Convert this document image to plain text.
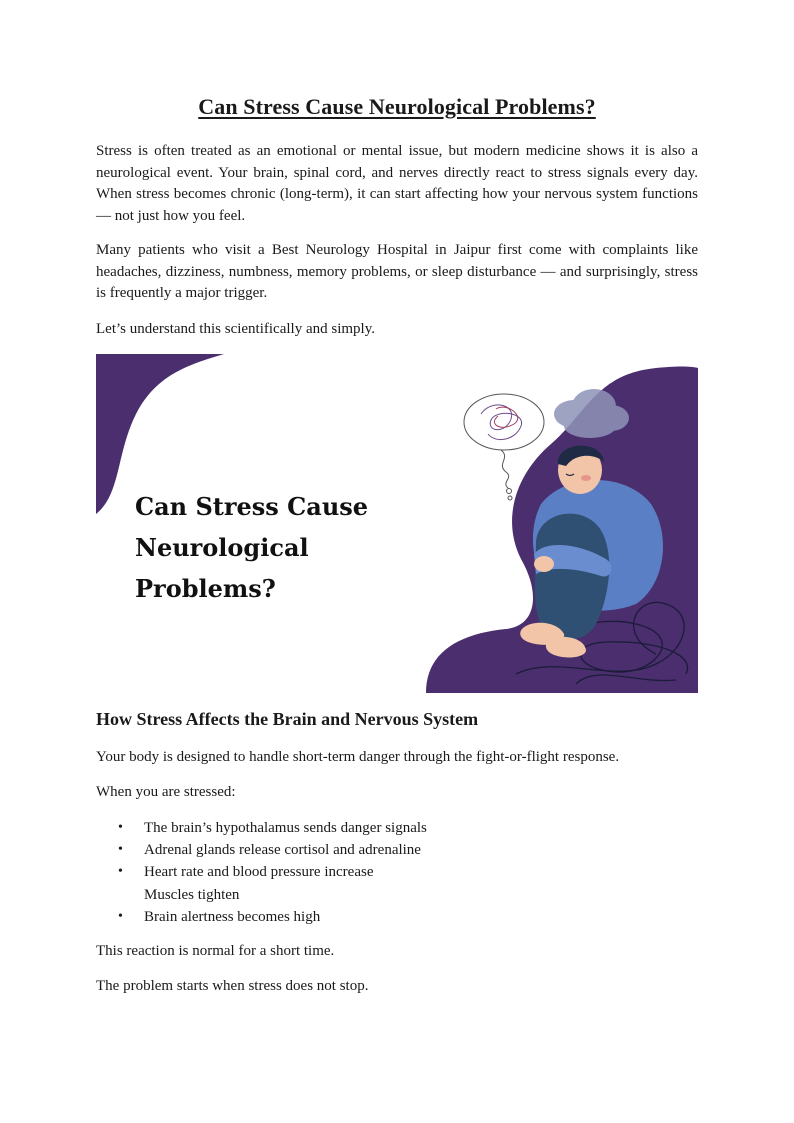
Can Stress Cause Neurological Problems?

Stress is often treated as an emotional or mental issue, but modern medicine shows it is also a neurological event. Your brain, spinal cord, and nerves directly react to stress signals every day. When stress becomes chronic (long-term), it can start affecting how your nervous system functions — not just how you feel.

Many patients who visit a Best Neurology Hospital in Jaipur first come with complaints like headaches, dizziness, numbness, memory problems, or sleep disturbance — and surprisingly, stress is frequently a major trigger.

Let’s understand this scientifically and simply.

Can Stress Cause
Neurological Problems?
How Stress Affects the Brain and Nervous System

Your body is designed to handle short-term danger through the fight-or-flight response.

When you are stressed:

• The brain’s hypothalamus sends danger signals
• Adrenal glands release cortisol and adrenaline
• Heart rate and blood pressure increase
Muscles tighten
• Brain alertness becomes high

This reaction is normal for a short time.

The problem starts when stress does not stop.
